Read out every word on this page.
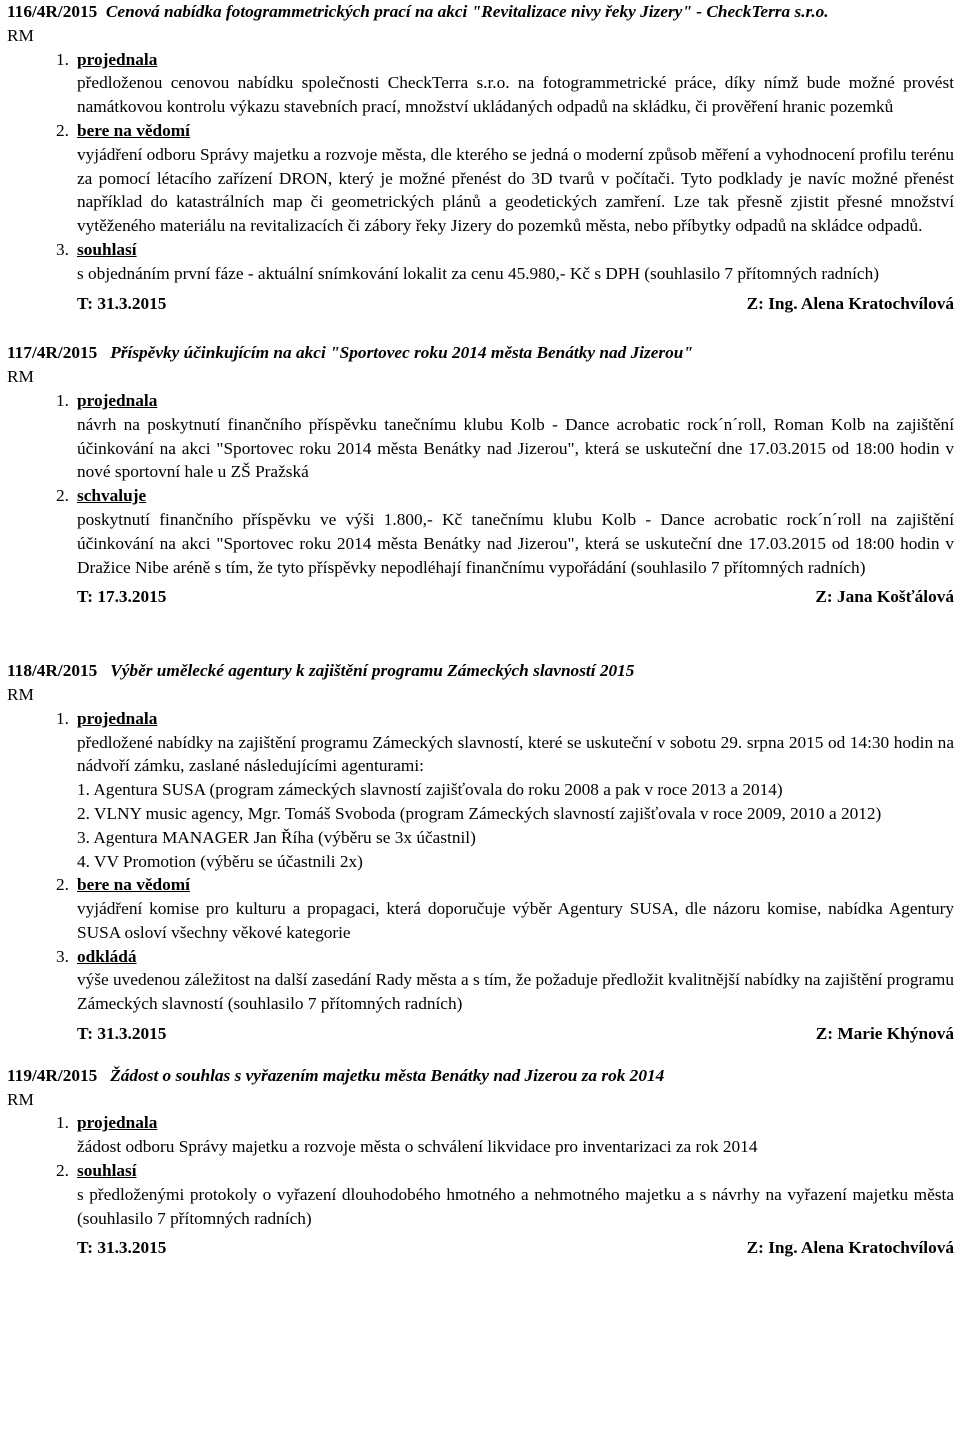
116/4R/2015 Cenová nabídka fotogrammetrických prací na akci "Revitalizace nivy řeky Jizery" - CheckTerra s.r.o.
RM
1. projednala
předloženou cenovou nabídku společnosti CheckTerra s.r.o. na fotogrammetrické práce, díky nímž bude možné provést namátkovou kontrolu výkazu stavebních prací, množství ukládaných odpadů na skládku, či prověření hranic pozemků
2. bere na vědomí
vyjádření odboru Správy majetku a rozvoje města, dle kterého se jedná o moderní způsob měření a vyhodnocení profilu terénu za pomocí létacího zařízení DRON, který je možné přenést do 3D tvarů v počítači. Tyto podklady je navíc možné přenést například do katastrálních map či geometrických plánů a geodetických zamření. Lze tak přesně zjistit přesné množství vytěženého materiálu na revitalizacích či zábory řeky Jizery do pozemků města, nebo příbytky odpadů na skládce odpadů.
3. souhlasí
s objednáním první fáze - aktuální snímkování lokalit za cenu 45.980,- Kč s DPH (souhlasilo 7 přítomných radních)
T: 31.3.2015	Z: Ing. Alena Kratochvílová
117/4R/2015 Příspěvky účinkujícím na akci "Sportovec roku 2014 města Benátky nad Jizerou"
RM
1. projednala
návrh na poskytnutí finančního příspěvku tanečnímu klubu Kolb - Dance acrobatic rock´n´roll, Roman Kolb na zajištění účinkování na akci "Sportovec roku 2014 města Benátky nad Jizerou", která se uskuteční dne 17.03.2015 od 18:00 hodin v nové sportovní hale u ZŠ Pražská
2. schvaluje
poskytnutí finančního příspěvku ve výši 1.800,- Kč tanečnímu klubu Kolb - Dance acrobatic rock´n´roll na zajištění účinkování na akci "Sportovec roku 2014 města Benátky nad Jizerou", která se uskuteční dne 17.03.2015 od 18:00 hodin v Dražice Nibe aréně s tím, že tyto příspěvky nepodléhají finančnímu vypořádání (souhlasilo 7 přítomných radních)
T: 17.3.2015	Z: Jana Košťálová
118/4R/2015 Výběr umělecké agentury k zajištění programu Zámeckých slavností 2015
RM
1. projednala
předložené nabídky na zajištění programu Zámeckých slavností, které se uskuteční v sobotu 29. srpna 2015 od 14:30 hodin na nádvoří zámku, zaslané následujícími agenturami:
1. Agentura SUSA (program zámeckých slavností zajišťovala do roku 2008 a pak v roce 2013 a 2014)
2. VLNY music agency, Mgr. Tomáš Svoboda (program Zámeckých slavností zajišťovala v roce 2009, 2010 a 2012)
3. Agentura MANAGER Jan Říha (výběru se 3x účastnil)
4. VV Promotion (výběru se účastnili 2x)
2. bere na vědomí
vyjádření komise pro kulturu a propagaci, která doporučuje výběr Agentury SUSA, dle názoru komise, nabídka Agentury SUSA osloví všechny věkové kategorie
3. odkládá
výše uvedenou záležitost na další zasedání Rady města a s tím, že požaduje předložit kvalitnější nabídky na zajištění programu Zámeckých slavností (souhlasilo 7 přítomných radních)
T: 31.3.2015	Z: Marie Khýnová
119/4R/2015 Žádost o souhlas s vyřazením majetku města Benátky nad Jizerou za rok 2014
RM
1. projednala
žádost odboru Správy majetku a rozvoje města o schválení likvidace pro inventarizaci za rok 2014
2. souhlasí
s předloženými protokoly o vyřazení dlouhodobého hmotného a nehmotného majetku a s návrhy na vyřazení majetku města (souhlasilo 7 přítomných radních)
T: 31.3.2015	Z: Ing. Alena Kratochvílová
